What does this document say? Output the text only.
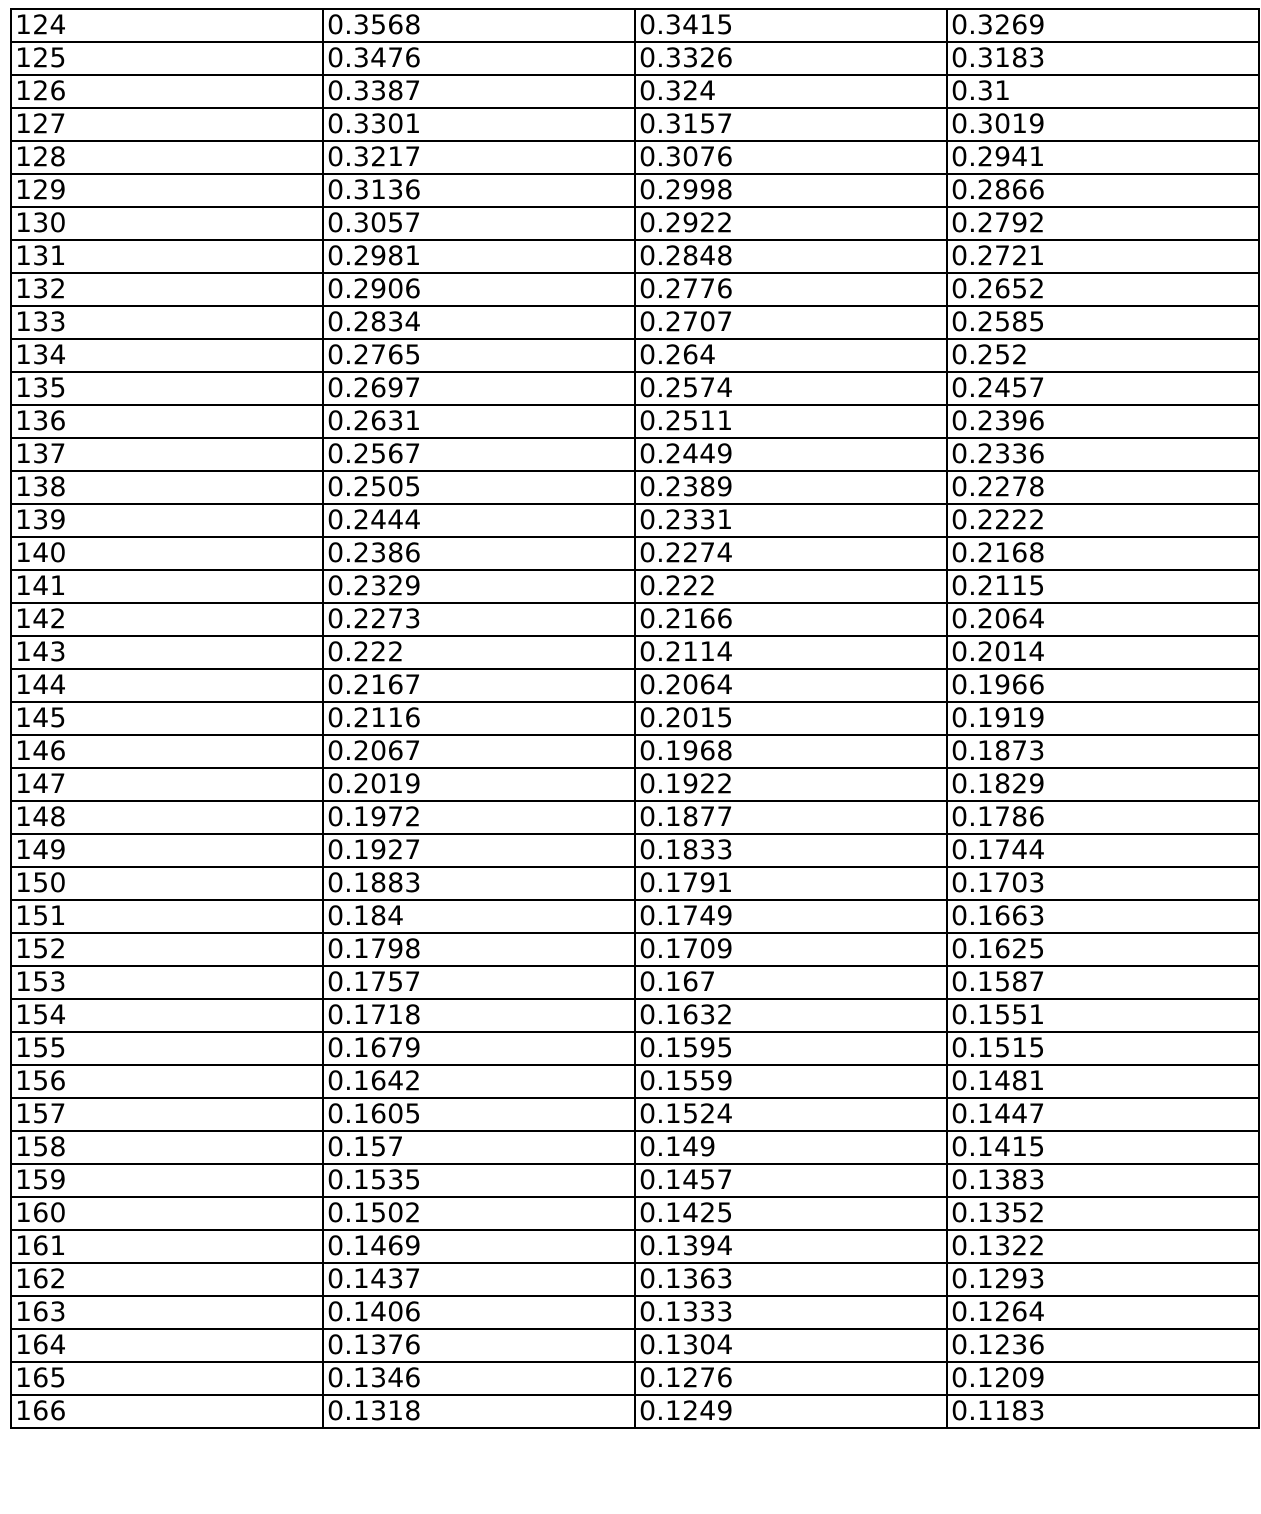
124	0.3568	0.3415	0.3269
125	0.3476	0.3326	0.3183
126	0.3387	0.324	0.31
127	0.3301	0.3157	0.3019
128	0.3217	0.3076	0.2941
129	0.3136	0.2998	0.2866
130	0.3057	0.2922	0.2792
131	0.2981	0.2848	0.2721
132	0.2906	0.2776	0.2652
133	0.2834	0.2707	0.2585
134	0.2765	0.264	0.252
135	0.2697	0.2574	0.2457
136	0.2631	0.2511	0.2396
137	0.2567	0.2449	0.2336
138	0.2505	0.2389	0.2278
139	0.2444	0.2331	0.2222
140	0.2386	0.2274	0.2168
141	0.2329	0.222	0.2115
142	0.2273	0.2166	0.2064
143	0.222	0.2114	0.2014
144	0.2167	0.2064	0.1966
145	0.2116	0.2015	0.1919
146	0.2067	0.1968	0.1873
147	0.2019	0.1922	0.1829
148	0.1972	0.1877	0.1786
149	0.1927	0.1833	0.1744
150	0.1883	0.1791	0.1703
151	0.184	0.1749	0.1663
152	0.1798	0.1709	0.1625
153	0.1757	0.167	0.1587
154	0.1718	0.1632	0.1551
155	0.1679	0.1595	0.1515
156	0.1642	0.1559	0.1481
157	0.1605	0.1524	0.1447
158	0.157	0.149	0.1415
159	0.1535	0.1457	0.1383
160	0.1502	0.1425	0.1352
161	0.1469	0.1394	0.1322
162	0.1437	0.1363	0.1293
163	0.1406	0.1333	0.1264
164	0.1376	0.1304	0.1236
165	0.1346	0.1276	0.1209
166	0.1318	0.1249	0.1183
